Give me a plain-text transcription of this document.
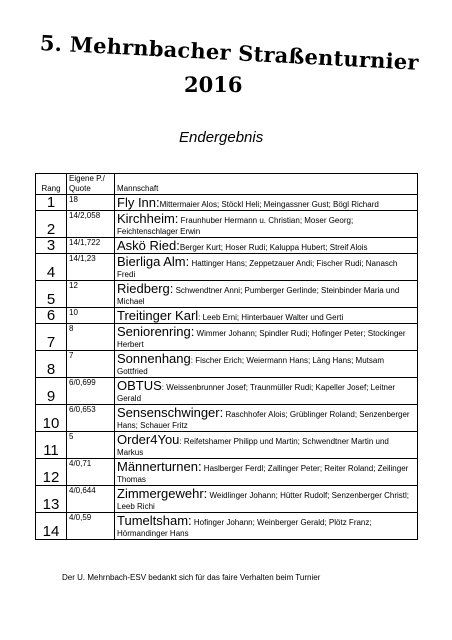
5. Mehrnbacher Straßenturnier
2016
Endergebnis
Rang	Eigene P./ Quote	Mannschaft
1	18	Fly Inn:Mittermaier Alos; Stöckl Heli; Meingassner Gust; Bögl Richard
2	14/2,058	Kirchheim: Fraunhuber Hermann u. Christian; Moser Georg; Feichtenschlager Erwin
3	14/1,722	Askö Ried:Berger Kurt; Hoser Rudi; Kaluppa Hubert; Streif Alois
4	14/1,23	Bierliga Alm: Hattinger Hans; Zeppetzauer Andi; Fischer Rudi; Nanasch Fredi
5	12	Riedberg: Schwendtner Anni; Pumberger Gerlinde; Steinbinder Maria und Michael
6	10	Treitinger Karl: Leeb Erni; Hinterbauer Walter und Gerti
7	8	Seniorenring: Wimmer Johann; Spindler Rudi; Hofinger Peter; Stockinger Herbert
8	7	Sonnenhang: Fischer Erich; Weiermann Hans; Läng Hans; Mutsam Gottfried
9	6/0,699	OBTUS: Weissenbrunner Josef; Traunmüller Rudi; Kapeller Josef; Leitner Gerald
10	6/0,653	Sensenschwinger: Raschhofer Alois; Grüblinger Roland; Senzenberger Hans; Schauer Fritz
11	5	Order4You: Reifetshamer Philipp und Martin; Schwendtner Martin und Markus
12	4/0,71	Männerturnen: Haslberger Ferdl; Zallinger Peter; Reiter Roland; Zeilinger Thomas
13	4/0,644	Zimmergewehr: Weidlinger Johann; Hütter Rudolf; Senzenberger Christl; Leeb Richi
14	4/0,59	Tumeltsham: Hofinger Johann; Weinberger Gerald; Plötz Franz; Hörmandinger Hans
Der U. Mehrnbach-ESV bedankt sich für das faire Verhalten beim Turnier
